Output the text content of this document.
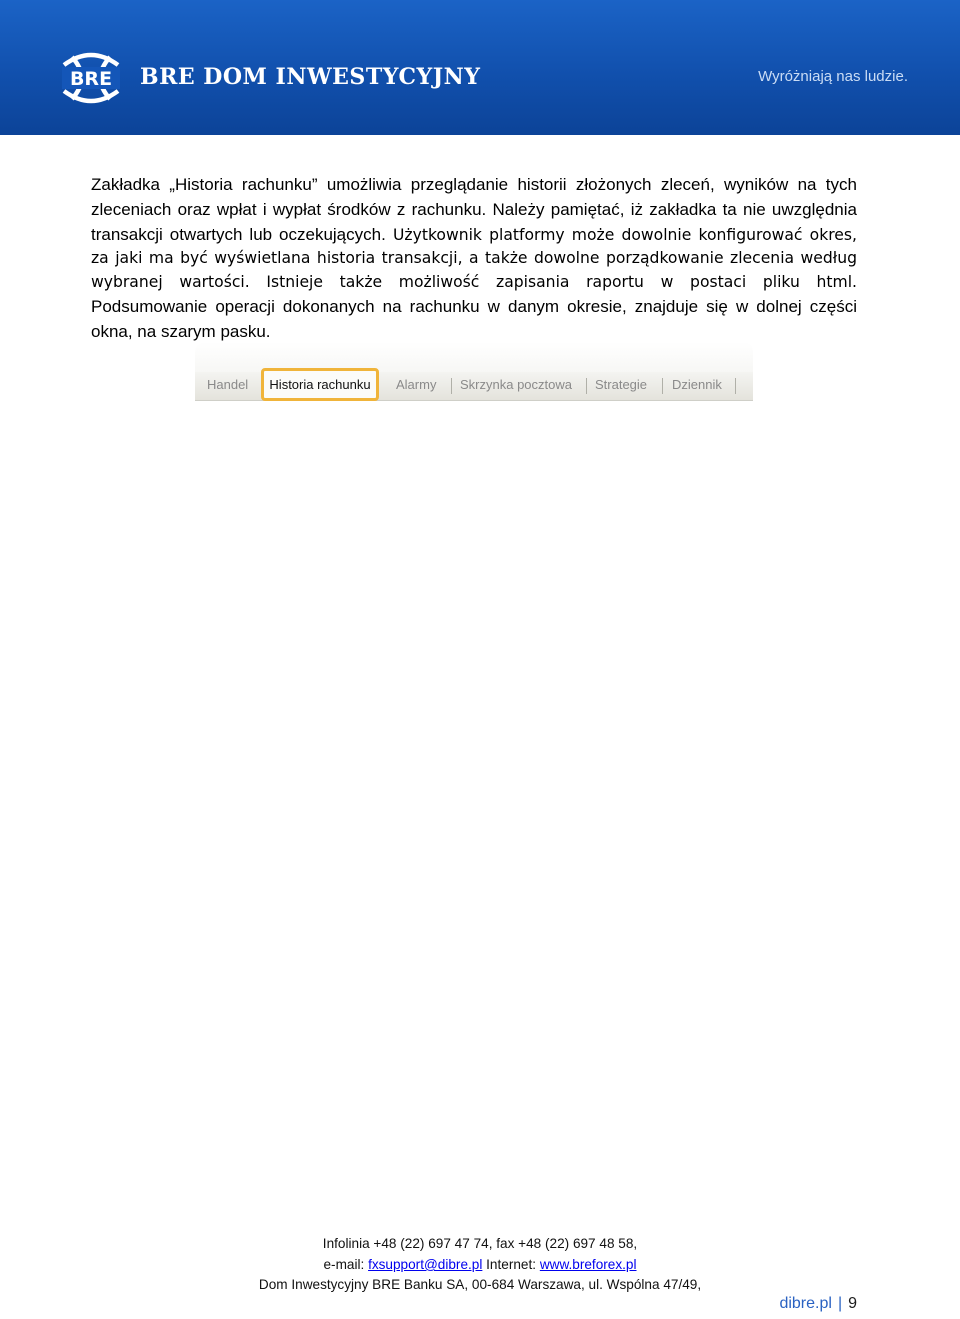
BRE BRE DOM INWESTYCYJNY	Wyróżniają nas ludzie.

Zakładka „Historia rachunku” umożliwia przeglądanie historii złożonych zleceń, wyników na tych zleceniach oraz wpłat i wypłat środków z rachunku. Należy pamiętać, iż zakładka ta nie uwzględnia transakcji otwartych lub oczekujących. Użytkownik platformy może dowolnie konfigurować okres, za jaki ma być wyświetlana historia transakcji, a także dowolne porządkowanie zlecenia według wybranej wartości. Istnieje także możliwość zapisania raportu w postaci pliku html. Podsumowanie operacji dokonanych na rachunku w danym okresie, znajduje się w dolnej części okna, na szarym pasku.

Handel	Historia rachunku	Alarmy Skrzynka pocztowa Strategie Dziennik
Infolinia +48 (22) 697 47 74, fax +48 (22) 697 48 58,
e-mail: fxsupport@dibre.pl Internet: www.breforex.pl
Dom Inwestycyjny BRE Banku SA, 00-684 Warszawa, ul. Wspólna 47/49,
dibre.pl | 9
